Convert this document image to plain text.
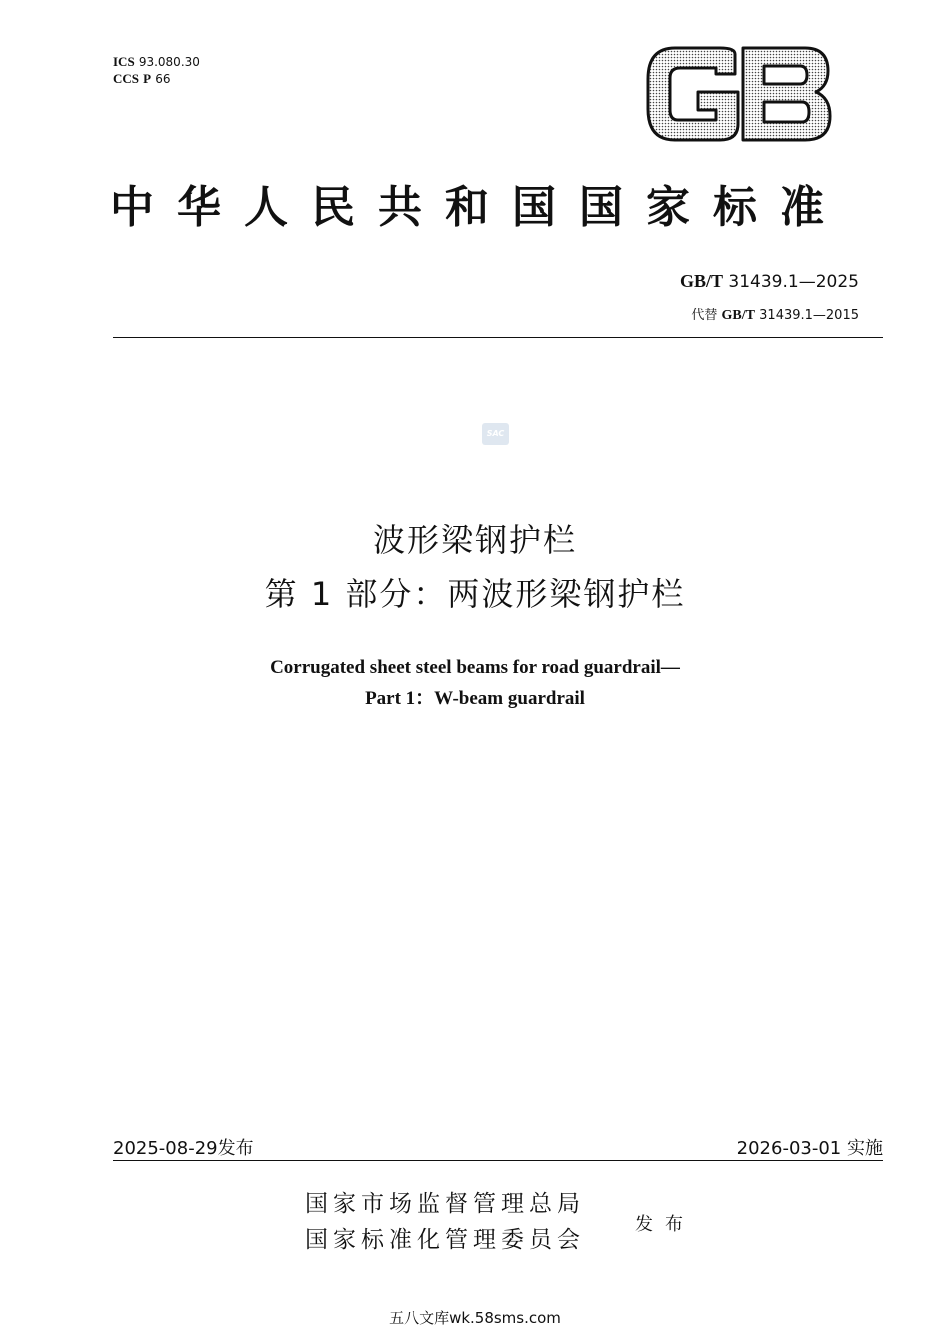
ICS 93.080.30
CCS P 66
GB
中华人民共和国国家标准
GB/T 31439.1—2025
代替 GB/T 31439.1—2015
SAC
波形梁钢护栏
第 1 部分：两波形梁钢护栏
Corrugated sheet steel beams for road guardrail—
Part 1：W-beam guardrail
2025-08-29发布	2026-03-01 实施
国家市场监督管理总局
国家标准化管理委员会
发布
五八文库wk.58sms.com
